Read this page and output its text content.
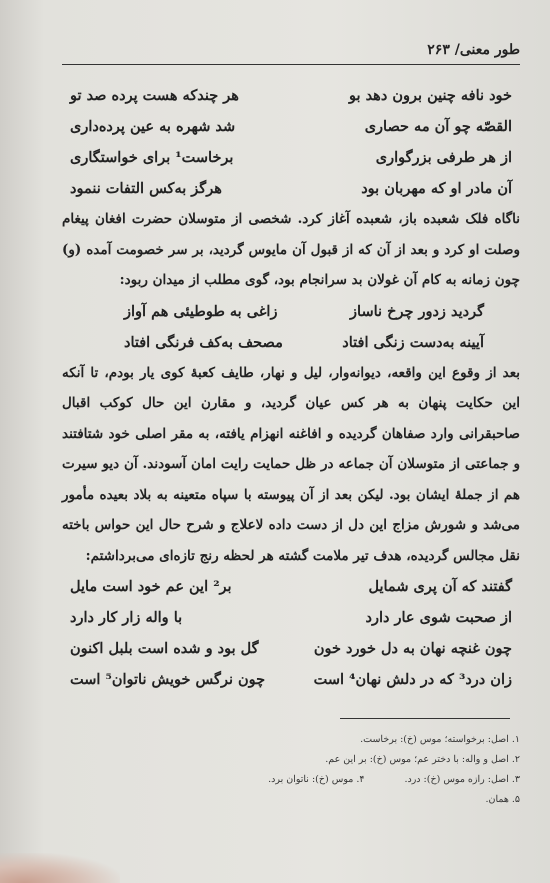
طور معنی/ ۲۶۳
خود نافه چنین برون دهد بو
هر چندکه هست پرده صد تو
القصّه چو آن مه حصاری
شد شهره به عین پرده‌داری
از هر طرفی بزرگواری
برخاست¹ برای خواستگاری
آن مادر او که مهربان بود
هرگز به‌کس التفات ننمود

ناگاه فلک شعبده باز، شعبده آغاز کرد. شخصی از متوسلان حضرت افغان پیغام وصلت او کرد و بعد از آن که از قبول آن مایوس گردید، بر سر خصومت آمده (و) چون زمانه به کام آن غولان بد سرانجام بود، گوی مطلب از میدان ربود:

گردید زدور چرخ ناساز
زاغی به طوطیئی هم آواز
آیینه به‌دست زنگی افتاد
مصحف به‌کف فرنگی افتاد

بعد از وقوع این واقعه، دیوانه‌وار، لیل و نهار، طایف کعبهٔ کوی یار بودم، تا آنکه این حکایت پنهان به هر کس عیان گردید، و مقارن این حال کوکب اقبال صاحبقرانی وارد صفاهان گردیده و افاغنه انهزام یافته، به مقر اصلی خود شتافتند و جماعتی از متوسلان آن جماعه در ظل حمایت رایت امان آسودند. آن دیو سیرت هم از جملهٔ ایشان بود. لیکن بعد از آن پیوسته با سپاه متعینه به بلاد بعیده مأمور می‌شد و شورش مزاج این دل از دست داده لاعلاج و شرح حال این حواس باخته نقل مجالس گردیده، هدف تیر ملامت گشته هر لحظه رنج تازه‌ای می‌برداشتم:

گفتند که آن پری شمایل
بر² این عم خود است مایل
از صحبت شوی عار دارد
با واله زار کار دارد
چون غنچه نهان به دل خورد خون
گل بود و شده است بلبل اکنون
زان درد³ که در دلش نهان⁴ است
چون نرگس خویش ناتوان⁵ است
۱. اصل: برخواسته؛ موس (خ): برخاست.
۲. اصل و واله: با دختر عم؛ موس (خ): بر این عم.
۳. اصل: رازه موس (خ): درد.
۴. موس (خ): ناتوان برد.
۵. همان.
